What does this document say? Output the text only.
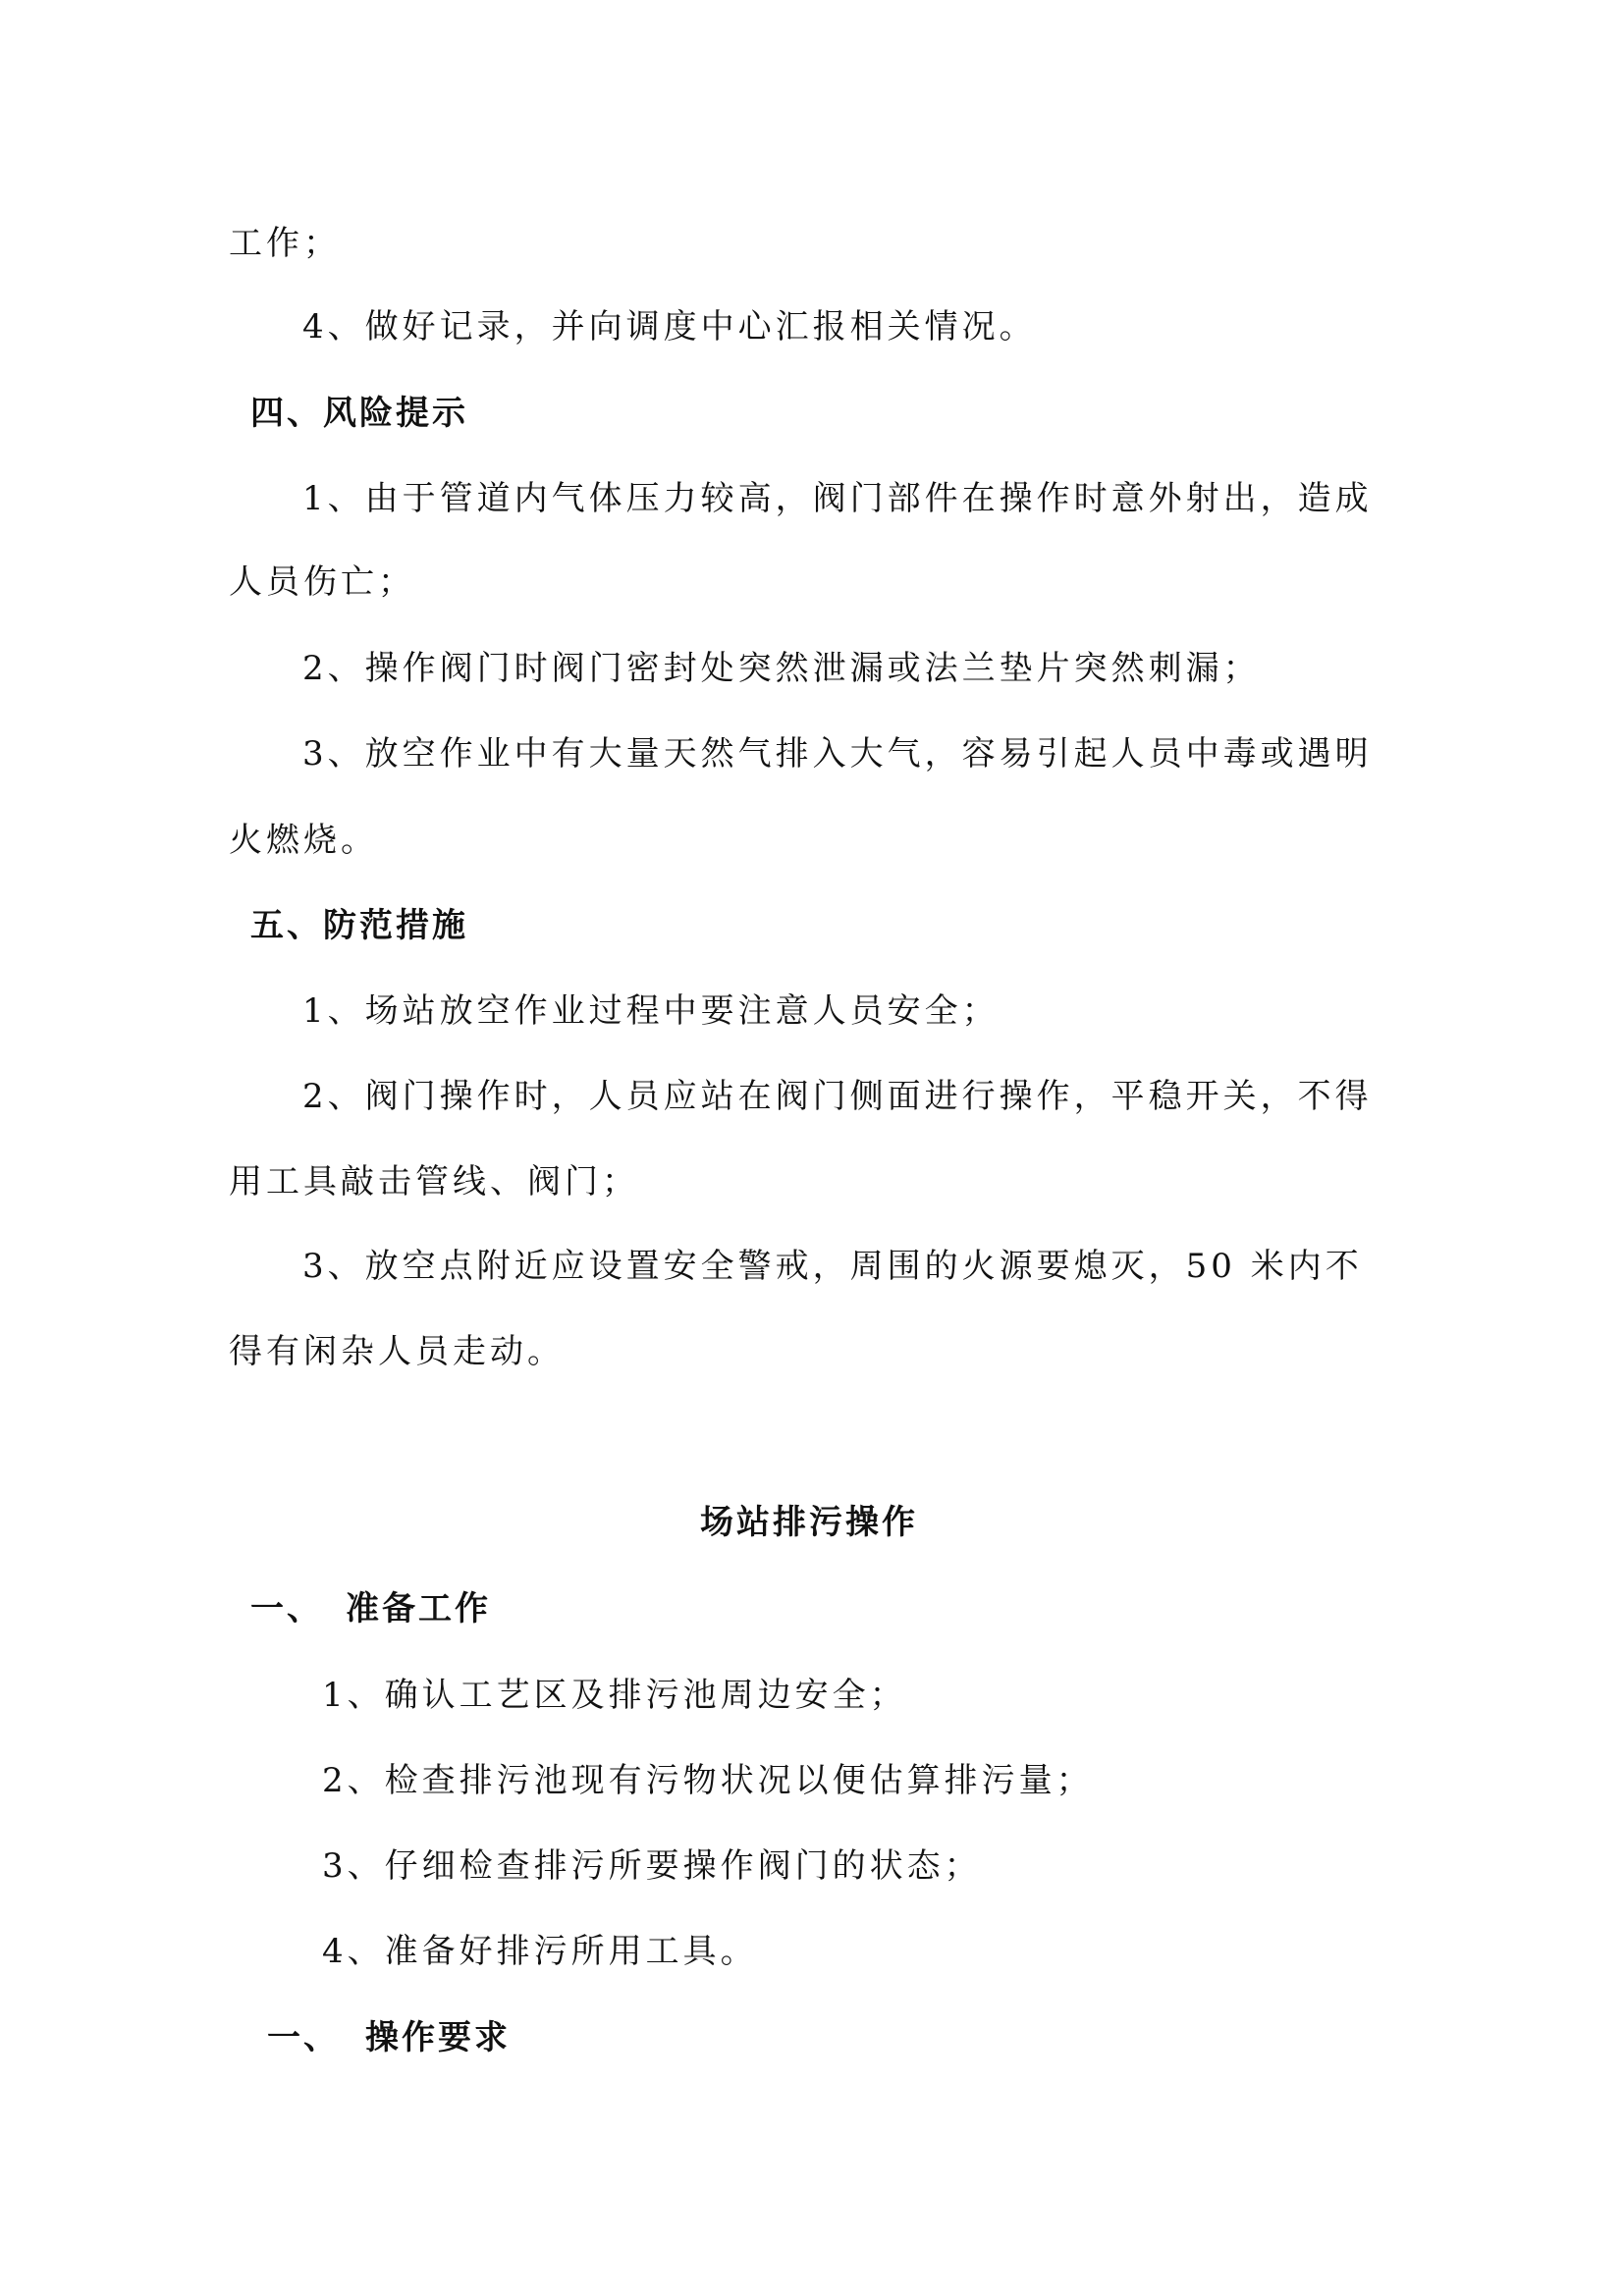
工作；
4、做好记录，并向调度中心汇报相关情况。
四、风险提示
1、由于管道内气体压力较高，阀门部件在操作时意外射出，造成
人员伤亡；
2、操作阀门时阀门密封处突然泄漏或法兰垫片突然刺漏；
3、放空作业中有大量天然气排入大气，容易引起人员中毒或遇明
火燃烧。
五、防范措施
1、场站放空作业过程中要注意人员安全；
2、阀门操作时，人员应站在阀门侧面进行操作，平稳开关，不得
用工具敲击管线、阀门；
3、放空点附近应设置安全警戒，周围的火源要熄灭，50 米内不
得有闲杂人员走动。
场站排污操作
一、 准备工作
1、确认工艺区及排污池周边安全；
2、检查排污池现有污物状况以便估算排污量；
3、仔细检查排污所要操作阀门的状态；
4、准备好排污所用工具。
一、 操作要求
